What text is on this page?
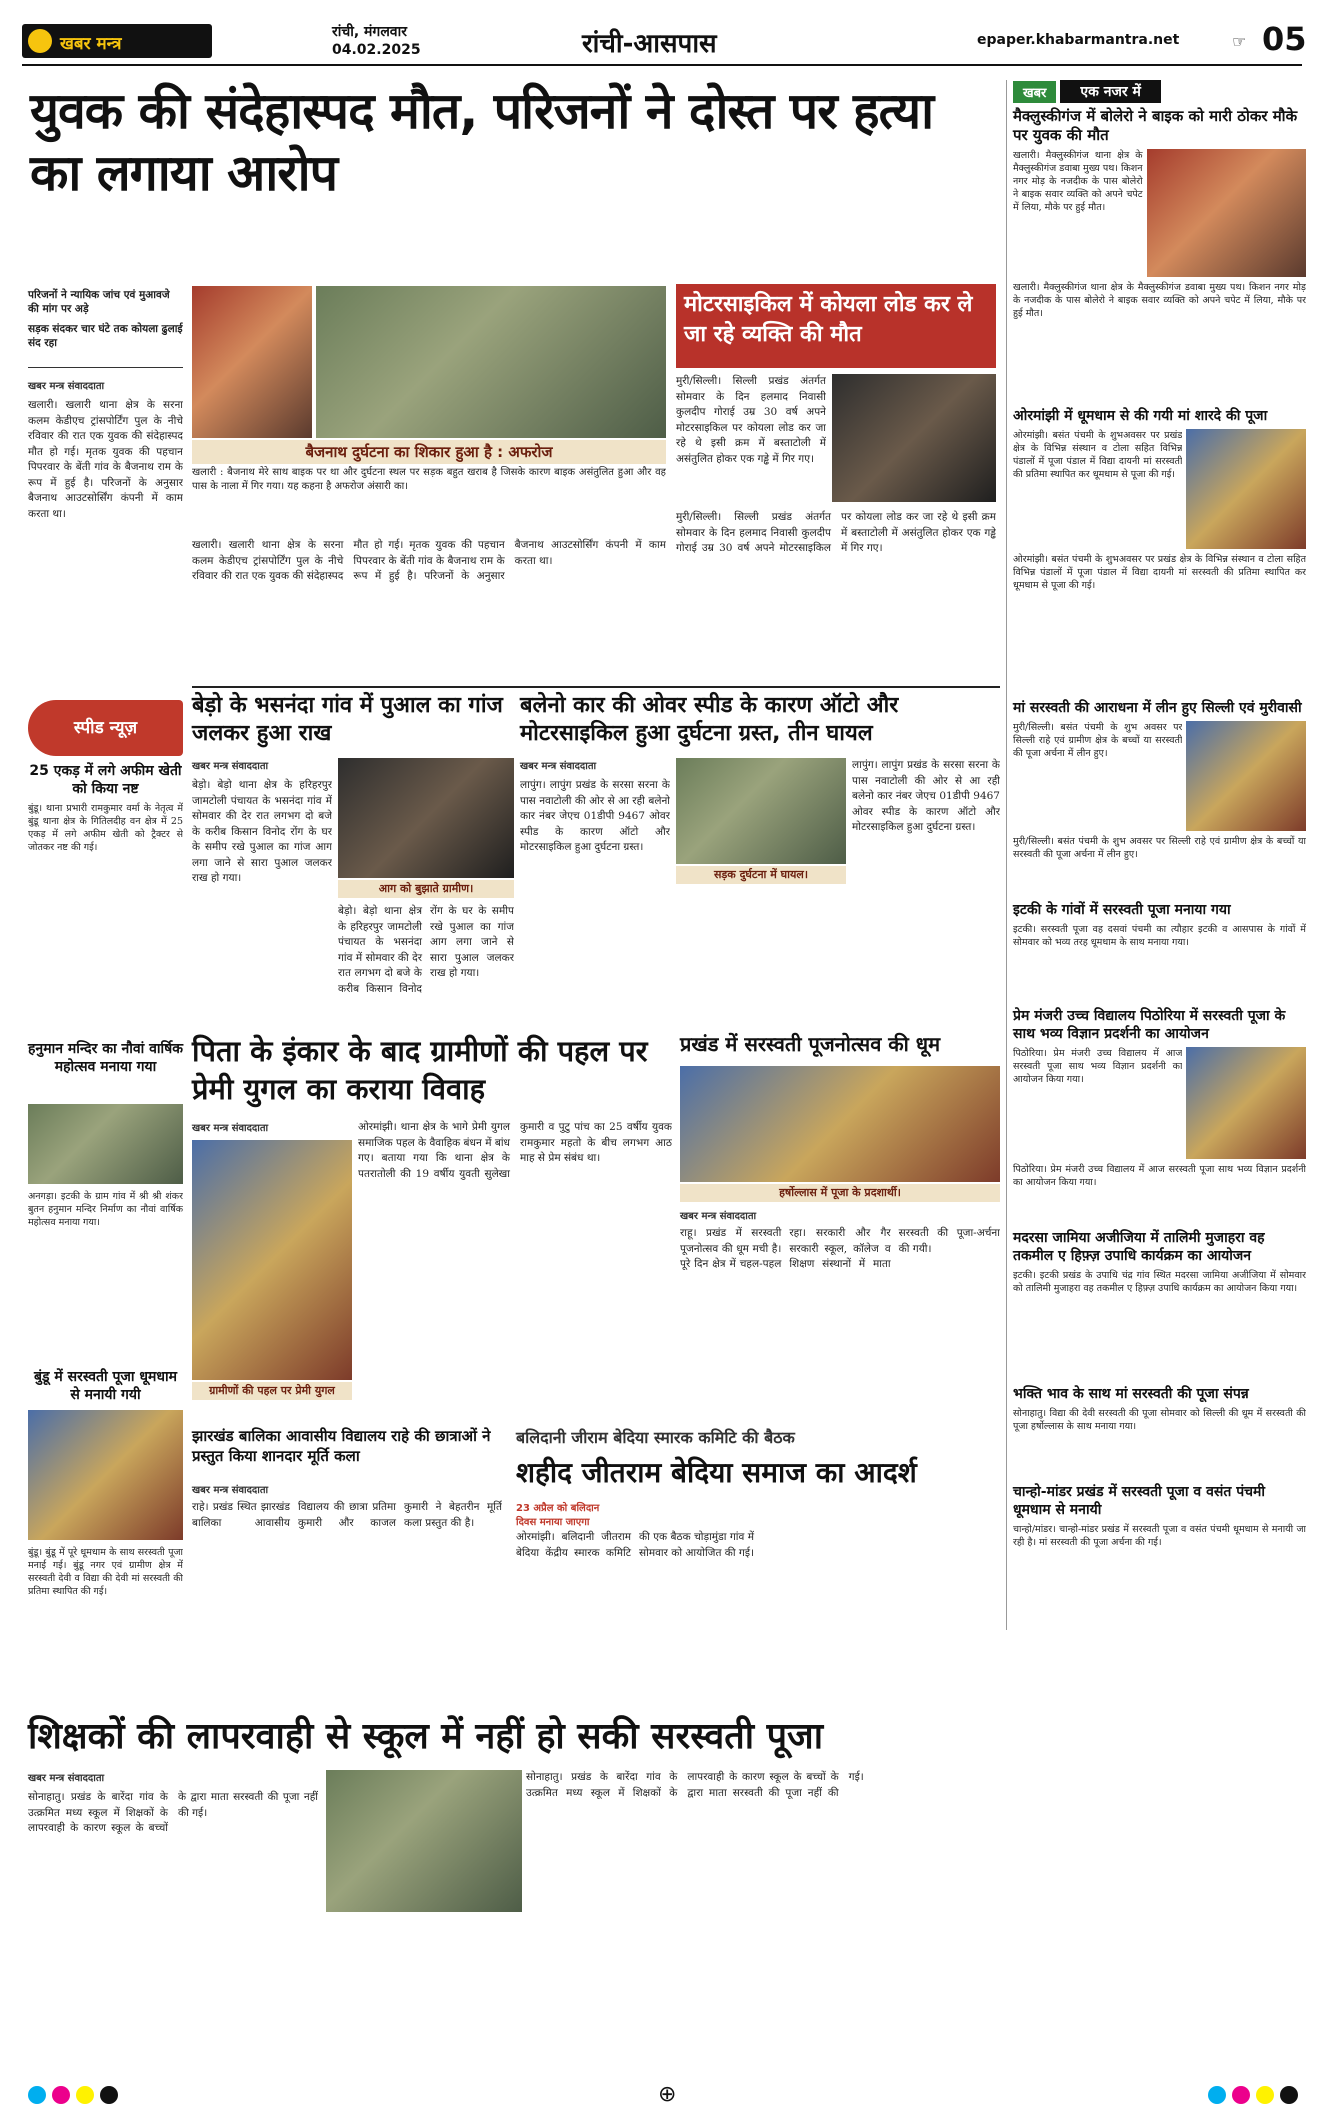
खबर मन्त्र
रांची, मंगलवार
04.02.2025	रांची-आसपास	epaper.khabarmantra.net	☞ 05
युवक की संदेहास्पद मौत, परिजनों ने दोस्त पर हत्या का लगाया आरोप
परिजनों ने न्यायिक जांच एवं मुआवजे की मांग पर अड़े
सड़क संदकर चार घंटे तक कोयला ढुलाई संद रहा
खबर मन्त्र संवाददाता
खलारी। खलारी थाना क्षेत्र के सरना कलम केडीएच ट्रांसपोर्टिंग पुल के नीचे रविवार की रात एक युवक की संदेहास्पद मौत हो गई। मृतक युवक की पहचान पिपरवार के बेंती गांव के बैजनाथ राम के रूप में हुई है। परिजनों के अनुसार बैजनाथ आउटसोर्सिंग कंपनी में काम करता था।
बैजनाथ दुर्घटना का शिकार हुआ है : अफरोज
खलारी : बैजनाथ मेरे साथ बाइक पर था और दुर्घटना स्थल पर सड़क बहुत खराब है जिसके कारण बाइक असंतुलित हुआ और वह पास के नाला में गिर गया। यह कहना है अफरोज अंसारी का।
खलारी। खलारी थाना क्षेत्र के सरना कलम केडीएच ट्रांसपोर्टिंग पुल के नीचे रविवार की रात एक युवक की संदेहास्पद मौत हो गई। मृतक युवक की पहचान पिपरवार के बेंती गांव के बैजनाथ राम के रूप में हुई है। परिजनों के अनुसार बैजनाथ आउटसोर्सिंग कंपनी में काम करता था।
मोटरसाइकिल में कोयला लोड कर ले जा रहे व्यक्ति की मौत
मुरी/सिल्ली। सिल्ली प्रखंड अंतर्गत सोमवार के दिन हलमाद निवासी कुलदीप गोराई उम्र 30 वर्ष अपने मोटरसाइकिल पर कोयला लोड कर जा रहे थे इसी क्रम में बस्ताटोली में असंतुलित होकर एक गड्ढे में गिर गए।
मुरी/सिल्ली। सिल्ली प्रखंड अंतर्गत सोमवार के दिन हलमाद निवासी कुलदीप गोराई उम्र 30 वर्ष अपने मोटरसाइकिल पर कोयला लोड कर जा रहे थे इसी क्रम में बस्ताटोली में असंतुलित होकर एक गड्ढे में गिर गए।
खबर	एक नजर में
मैक्लुस्कीगंज में बोलेरो ने बाइक को मारी ठोकर मौके पर युवक की मौत
खलारी। मैक्लुस्कीगंज थाना क्षेत्र के मैक्लुस्कीगंज डवाबा मुख्य पथ। किशन नगर मोड़ के नजदीक के पास बोलेरो ने बाइक सवार व्यक्ति को अपने चपेट में लिया, मौके पर हुई मौत।
खलारी। मैक्लुस्कीगंज थाना क्षेत्र के मैक्लुस्कीगंज डवाबा मुख्य पथ। किशन नगर मोड़ के नजदीक के पास बोलेरो ने बाइक सवार व्यक्ति को अपने चपेट में लिया, मौके पर हुई मौत।
ओरमांझी में धूमधाम से की गयी मां शारदे की पूजा
ओरमांझी। बसंत पंचमी के शुभअवसर पर प्रखंड क्षेत्र के विभिन्न संस्थान व टोला सहित विभिन्न पंडालों में पूजा पंडाल में विद्या दायनी मां सरस्वती की प्रतिमा स्थापित कर धूमधाम से पूजा की गई।
ओरमांझी। बसंत पंचमी के शुभअवसर पर प्रखंड क्षेत्र के विभिन्न संस्थान व टोला सहित विभिन्न पंडालों में पूजा पंडाल में विद्या दायनी मां सरस्वती की प्रतिमा स्थापित कर धूमधाम से पूजा की गई।
मां सरस्वती की आराधना में लीन हुए सिल्ली एवं मुरीवासी
मुरी/सिल्ली। बसंत पंचमी के शुभ अवसर पर सिल्ली राहे एवं ग्रामीण क्षेत्र के बच्चों या सरस्वती की पूजा अर्चना में लीन हुए।
मुरी/सिल्ली। बसंत पंचमी के शुभ अवसर पर सिल्ली राहे एवं ग्रामीण क्षेत्र के बच्चों या सरस्वती की पूजा अर्चना में लीन हुए।
इटकी के गांवों में सरस्वती पूजा मनाया गया
इटकी। सरस्वती पूजा वह दसवां पंचमी का त्यौहार इटकी व आसपास के गांवों में सोमवार को भव्य तरह धूमधाम के साथ मनाया गया।
प्रेम मंजरी उच्च विद्यालय पिठोरिया में सरस्वती पूजा के साथ भव्य विज्ञान प्रदर्शनी का आयोजन
पिठोरिया। प्रेम मंजरी उच्च विद्यालय में आज सरस्वती पूजा साथ भव्य विज्ञान प्रदर्शनी का आयोजन किया गया।
पिठोरिया। प्रेम मंजरी उच्च विद्यालय में आज सरस्वती पूजा साथ भव्य विज्ञान प्रदर्शनी का आयोजन किया गया।
मदरसा जामिया अजीजिया में तालिमी मुजाहरा वह तकमील ए हिफ़्ज़ उपाधि कार्यक्रम का आयोजन
इटकी। इटकी प्रखंड के उपाधि चंद्र गांव स्थित मदरसा जामिया अजीजिया में सोमवार को तालिमी मुजाहरा वह तकमील ए हिफ़्ज़ उपाधि कार्यक्रम का आयोजन किया गया।
भक्ति भाव के साथ मां सरस्वती की पूजा संपन्न
सोनाहातु। विद्या की देवी सरस्वती की पूजा सोमवार को सिल्ली की धूम में सरस्वती की पूजा हर्षोल्लास के साथ मनाया गया।
चान्हो-मांडर प्रखंड में सरस्वती पूजा व वसंत पंचमी धूमधाम से मनायी
चान्हो/मांडर। चान्हो-मांडर प्रखंड में सरस्वती पूजा व वसंत पंचमी धूमधाम से मनायी जा रही है। मां सरस्वती की पूजा अर्चना की गई।
स्पीड न्यूज़
25 एकड़ में लगे अफीम खेती को किया नष्ट
बुंडू। थाना प्रभारी रामकुमार वर्मा के नेतृत्व में बुंडू थाना क्षेत्र के गितिलदीह वन क्षेत्र में 25 एकड़ में लगे अफीम खेती को ट्रैक्टर से जोतकर नष्ट की गई।
हनुमान मन्दिर का नौवां वार्षिक महोत्सव मनाया गया
अनगड़ा। इटकी के ग्राम गांव में श्री श्री शंकर बुतन हनुमान मन्दिर निर्माण का नौवां वार्षिक महोत्सव मनाया गया।
बुंडू में सरस्वती पूजा धूमधाम से मनायी गयी
बुंडू। बुंडू में पूरे धूमधाम के साथ सरस्वती पूजा मनाई गई। बुंडू नगर एवं ग्रामीण क्षेत्र में सरस्वती देवी व विद्या की देवी मां सरस्वती की प्रतिमा स्थापित की गई।
बेड़ो के भसनंदा गांव में पुआल का गांज जलकर हुआ राख
खबर मन्त्र संवाददाता
बेड़ो। बेड़ो थाना क्षेत्र के हरिहरपुर जामटोली पंचायत के भसनंदा गांव में सोमवार की देर रात लगभग दो बजे के करीब किसान विनोद रोंग के घर के समीप रखे पुआल का गांज आग लगा जाने से सारा पुआल जलकर राख हो गया।
आग को बुझाते ग्रामीण।
बेड़ो। बेड़ो थाना क्षेत्र के हरिहरपुर जामटोली पंचायत के भसनंदा गांव में सोमवार की देर रात लगभग दो बजे के करीब किसान विनोद रोंग के घर के समीप रखे पुआल का गांज आग लगा जाने से सारा पुआल जलकर राख हो गया।
बलेनो कार की ओवर स्पीड के कारण ऑटो और मोटरसाइकिल हुआ दुर्घटना ग्रस्त, तीन घायल
खबर मन्त्र संवाददाता
लापुंग। लापुंग प्रखंड के सरसा सरना के पास नवाटोली की ओर से आ रही बलेनो कार नंबर जेएच 01डीपी 9467 ओवर स्पीड के कारण ऑटो और मोटरसाइकिल हुआ दुर्घटना ग्रस्त।
सड़क दुर्घटना में घायल।
लापुंग। लापुंग प्रखंड के सरसा सरना के पास नवाटोली की ओर से आ रही बलेनो कार नंबर जेएच 01डीपी 9467 ओवर स्पीड के कारण ऑटो और मोटरसाइकिल हुआ दुर्घटना ग्रस्त।
पिता के इंकार के बाद ग्रामीणों की पहल पर प्रेमी युगल का कराया विवाह
खबर मन्त्र संवाददाता
ग्रामीणों की पहल पर प्रेमी युगल
ओरमांझी। थाना क्षेत्र के भागे प्रेमी युगल समाजिक पहल के वैवाहिक बंधन में बांध गए। बताया गया कि थाना क्षेत्र के पतरातोली की 19 वर्षीय युवती सुलेखा कुमारी व पुटु पांच का 25 वर्षीय युवक रामकुमार महतो के बीच लगभग आठ माह से प्रेम संबंध था।
प्रखंड में सरस्वती पूजनोत्सव की धूम
हर्षोल्लास में पूजा के प्रदशार्थी।
खबर मन्त्र संवाददाता
राहू। प्रखंड में सरस्वती पूजनोत्सव की धूम मची है। पूरे दिन क्षेत्र में चहल-पहल रहा। सरकारी और गैर सरकारी स्कूल, कॉलेज व शिक्षण संस्थानों में माता सरस्वती की पूजा-अर्चना की गयी।
झारखंड बालिका आवासीय विद्यालय राहे की छात्राओं ने प्रस्तुत किया शानदार मूर्ति कला
खबर मन्त्र संवाददाता
राहे। प्रखंड स्थित झारखंड बालिका आवासीय विद्यालय की छात्रा प्रतिमा कुमारी और काजल कुमारी ने बेहतरीन मूर्ति कला प्रस्तुत की है।
बलिदानी जीराम बेदिया स्मारक कमिटि की बैठक
शहीद जीतराम बेदिया समाज का आदर्श
23 अप्रैल को बलिदान दिवस मनाया जाएगा
ओरमांझी। बलिदानी जीतराम बेदिया केंद्रीय स्मारक कमिटि की एक बैठक चोड़ामुंडा गांव में सोमवार को आयोजित की गई।
शिक्षकों की लापरवाही से स्कूल में नहीं हो सकी सरस्वती पूजा
खबर मन्त्र संवाददाता
सोनाहातु। प्रखंड के बारेंदा गांव के उत्क्रमित मध्य स्कूल में शिक्षकों के लापरवाही के कारण स्कूल के बच्चों के द्वारा माता सरस्वती की पूजा नहीं की गई।
सोनाहातु। प्रखंड के बारेंदा गांव के उत्क्रमित मध्य स्कूल में शिक्षकों के लापरवाही के कारण स्कूल के बच्चों के द्वारा माता सरस्वती की पूजा नहीं की गई।
⊕
